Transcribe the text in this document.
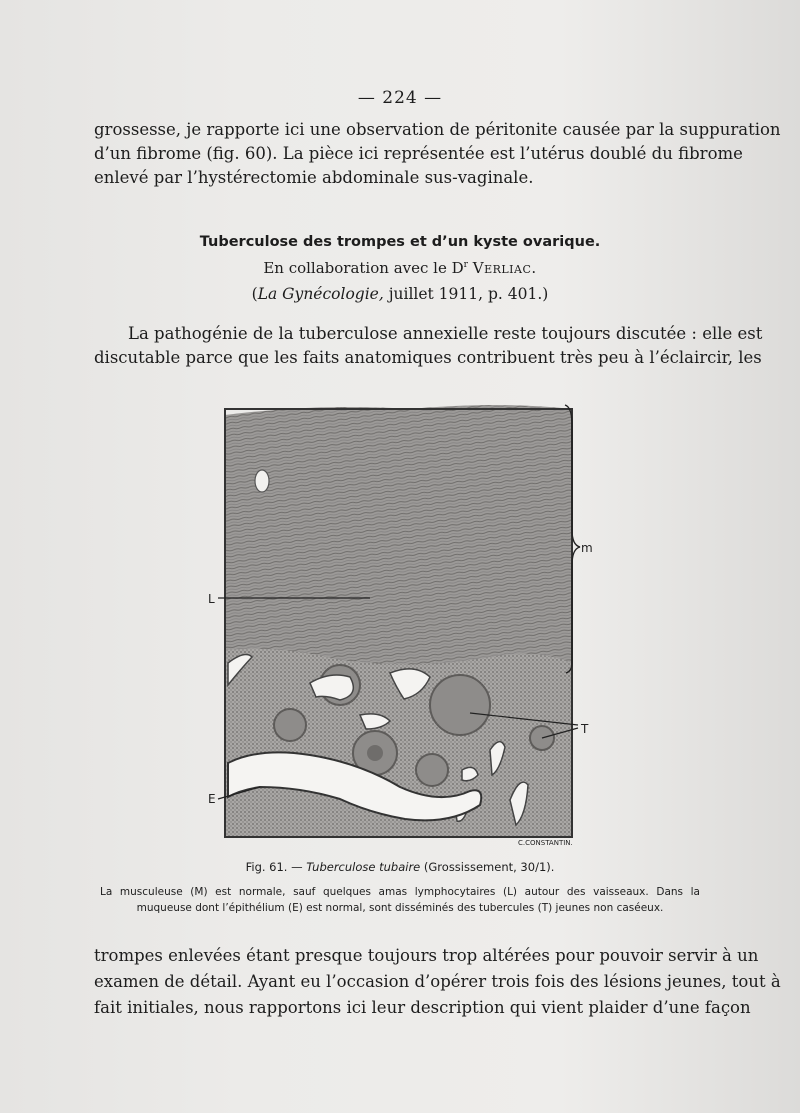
— 224 —
grossesse, je rapporte ici une observation de péritonite causée par la suppuration
d’un fibrome (fig. 60). La pièce ici représentée est l’utérus doublé du fibrome
enlevé par l’hystérectomie abdominale sus-vaginale.
Tuberculose des trompes et d’un kyste ovarique.
En collaboration avec le $D^r$ Verliac.
(La Gynécologie, juillet 1911, p. 401.)
La pathogénie de la tuberculose annexielle reste toujours discutée : elle est
discutable parce que les faits anatomiques contribuent très peu à l’éclaircir, les
L
m
T
E
C.CONSTANTIN.
Fig. 61. — Tuberculose tubaire (Grossissement, 30/1).
La musculeuse (M) est normale, sauf quelques amas lymphocytaires (L) autour des vaisseaux. Dans la
muqueuse dont l’épithélium (E) est normal, sont disséminés des tubercules (T) jeunes non caséeux.
trompes enlevées étant presque toujours trop altérées pour pouvoir servir à un
examen de détail. Ayant eu l’occasion d’opérer trois fois des lésions jeunes, tout à
fait initiales, nous rapportons ici leur description qui vient plaider d’une façon
